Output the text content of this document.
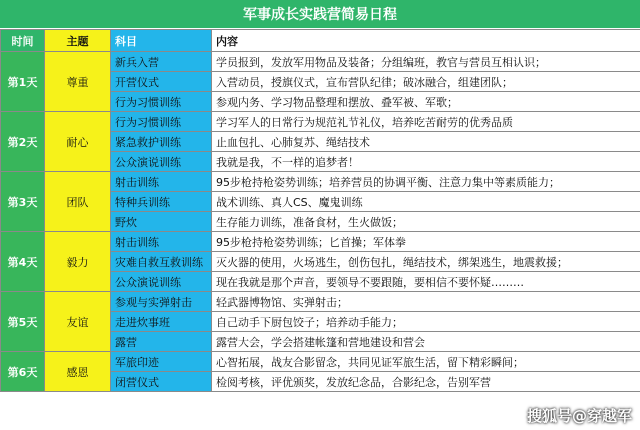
军事成长实践营简易日程
时间	主题	科目	内容
第1天	尊重	新兵入营	学员报到，发放军用物品及装备；分组编班，教官与营员互相认识；
		开营仪式	入营动员，授旗仪式，宣布营队纪律；破冰融合，组建团队；
		行为习惯训练	参观内务、学习物品整理和摆放、叠军被、军歌；
第2天	耐心	行为习惯训练	学习军人的日常行为规范礼节礼仪，培养吃苦耐劳的优秀品质
		紧急救护训练	止血包扎、心肺复苏、绳结技术
		公众演说训练	我就是我，不一样的追梦者！
第3天	团队	射击训练	95步枪持枪姿势训练；培养营员的协调平衡、注意力集中等素质能力；
		特种兵训练	战术训练、真人CS、魔鬼训练
		野炊	生存能力训练，准备食材，生火做饭；
第4天	毅力	射击训练	95步枪持枪姿势训练；匕首操；军体拳
		灾难自救互救训练	灭火器的使用，火场逃生，创伤包扎，绳结技术，绑架逃生，地震救援；
		公众演说训练	现在我就是那个声音，要领导不要跟随，要相信不要怀疑………
第5天	友谊	参观与实弹射击	轻武器博物馆、实弹射击；
		走进炊事班	自己动手下厨包饺子；培养动手能力；
		露营	露营大会，学会搭建帐篷和营地建设和营会
第6天	感恩	军旅印迹	心智拓展，战友合影留念，共同见证军旅生活，留下精彩瞬间；
		闭营仪式	检阅考核，评优颁奖，发放纪念品，合影纪念，告别军营
搜狐号@穿越军
